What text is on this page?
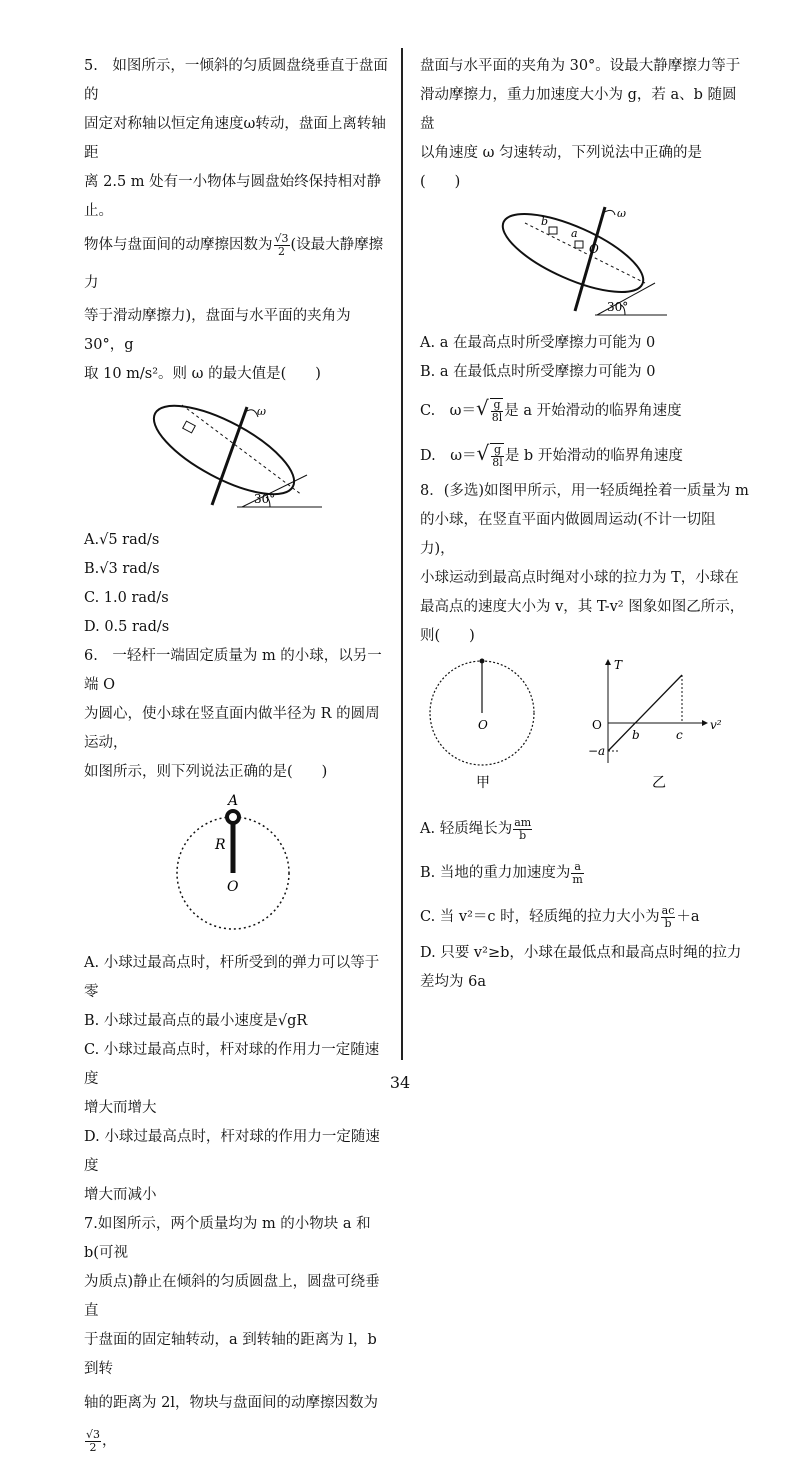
5.　如图所示，一倾斜的匀质圆盘绕垂直于盘面的

固定对称轴以恒定角速度ω转动，盘面上离转轴距

离 2.5 m 处有一小物体与圆盘始终保持相对静止。

物体与盘面间的动摩擦因数为 $\frac{√3}{2}$ (设最大静摩擦力

等于滑动摩擦力)，盘面与水平面的夹角为 30°，g

取 10 m/s²。则 ω 的最大值是(　　)

ω
30°

A.√5 rad/s

B.√3 rad/s

C. 1.0 rad/s

D. 0.5 rad/s

6.　一轻杆一端固定质量为 m 的小球，以另一端 O

为圆心，使小球在竖直面内做半径为 R 的圆周运动，

如图所示，则下列说法正确的是(　　)

A
R
O

A. 小球过最高点时，杆所受到的弹力可以等于零

B. 小球过最高点的最小速度是√gR

C. 小球过最高点时，杆对球的作用力一定随速度

增大而增大

D. 小球过最高点时，杆对球的作用力一定随速度

增大而减小

7.如图所示，两个质量均为 m 的小物块 a 和 b(可视

为质点)静止在倾斜的匀质圆盘上，圆盘可绕垂直

于盘面的固定轴转动，a 到转轴的距离为 l，b 到转

轴的距离为 2l，物块与盘面间的动摩擦因数为
$\frac{√3}{2}$ ，

盘面与水平面的夹角为 30°。设最大静摩擦力等于

滑动摩擦力，重力加速度大小为 g，若 a、b 随圆盘

以角速度 ω 匀速转动，下列说法中正确的是

(　　)

b
a
O
ω
30°

A. a 在最高点时所受摩擦力可能为 0

B. a 在最低点时所受摩擦力可能为 0

C.　$\omega=√ \frac{g}{8l}$ 是 a 开始滑动的临界角速度

D.　$\omega=√ \frac{g}{8l}$ 是 b 开始滑动的临界角速度

8．(多选)如图甲所示，用一轻质绳拴着一质量为 m

的小球，在竖直平面内做圆周运动(不计一切阻力)，

小球运动到最高点时绳对小球的拉力为 T，小球在

最高点的速度大小为 v，其 T-v² 图象如图乙所示，

则(　　)

O
甲
T
O	v²
−a
b	c
乙

A. 轻质绳长为 $\frac{am}{b}$

B. 当地的重力加速度为 $\frac{a}{m}$

C. 当 v²＝c 时，轻质绳的拉力大小为 $\frac{ac}{b} +a$

D. 只要 v²≥b，小球在最低点和最高点时绳的拉力

差均为 6a

34
